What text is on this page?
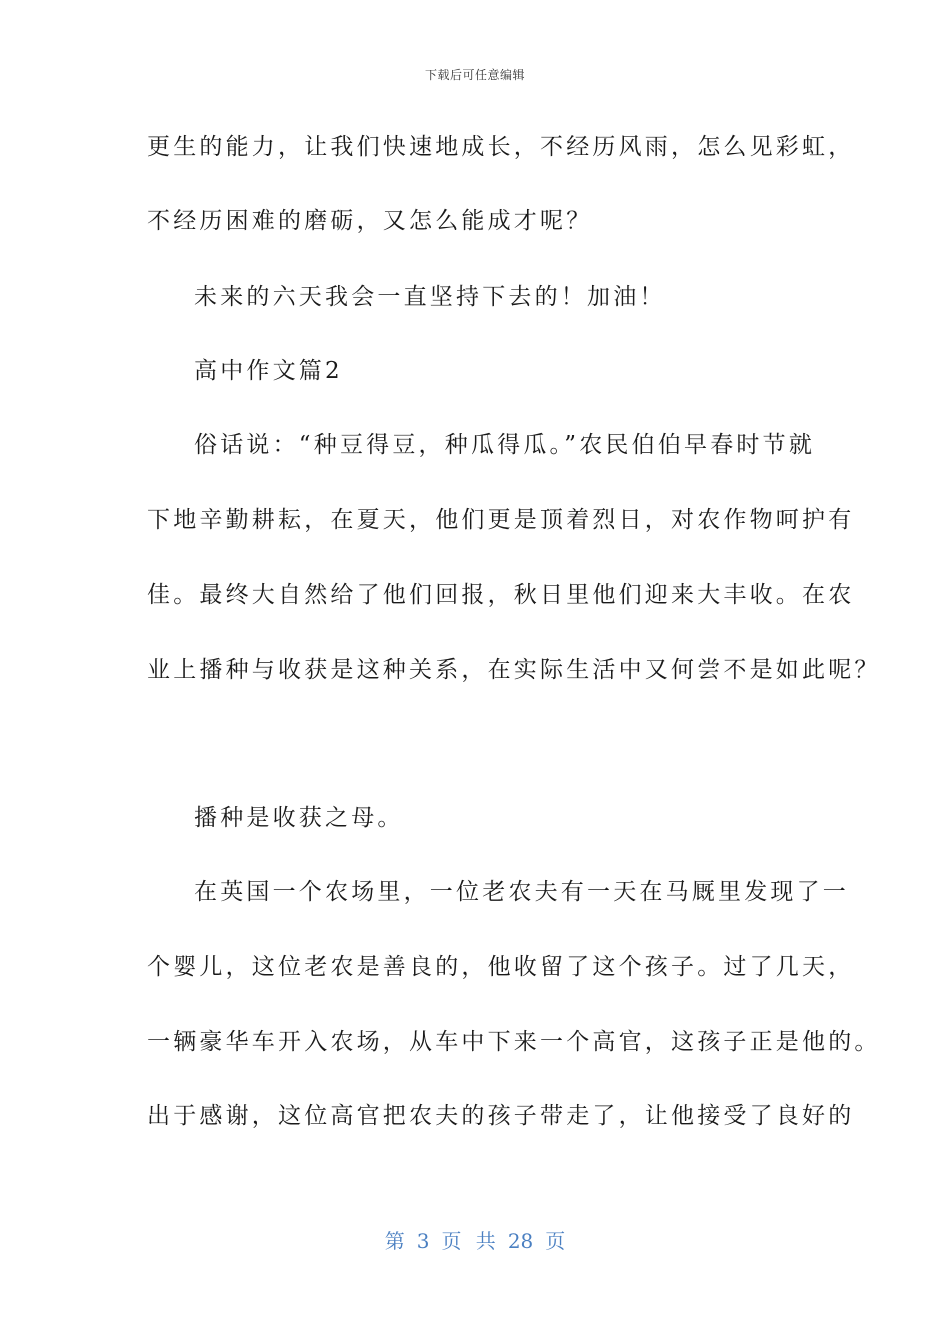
下载后可任意编辑
更生的能力，让我们快速地成长，不经历风雨，怎么见彩虹，
不经历困难的磨砺，又怎么能成才呢？
未来的六天我会一直坚持下去的！加油！
高中作文篇2
俗话说：“种豆得豆，种瓜得瓜。”农民伯伯早春时节就
下地辛勤耕耘，在夏天，他们更是顶着烈日，对农作物呵护有
佳。最终大自然给了他们回报，秋日里他们迎来大丰收。在农
业上播种与收获是这种关系，在实际生活中又何尝不是如此呢？
播种是收获之母。
在英国一个农场里，一位老农夫有一天在马厩里发现了一
个婴儿，这位老农是善良的，他收留了这个孩子。过了几天，
一辆豪华车开入农场，从车中下来一个高官，这孩子正是他的。
出于感谢，这位高官把农夫的孩子带走了，让他接受了良好的
第 3 页 共 28 页
